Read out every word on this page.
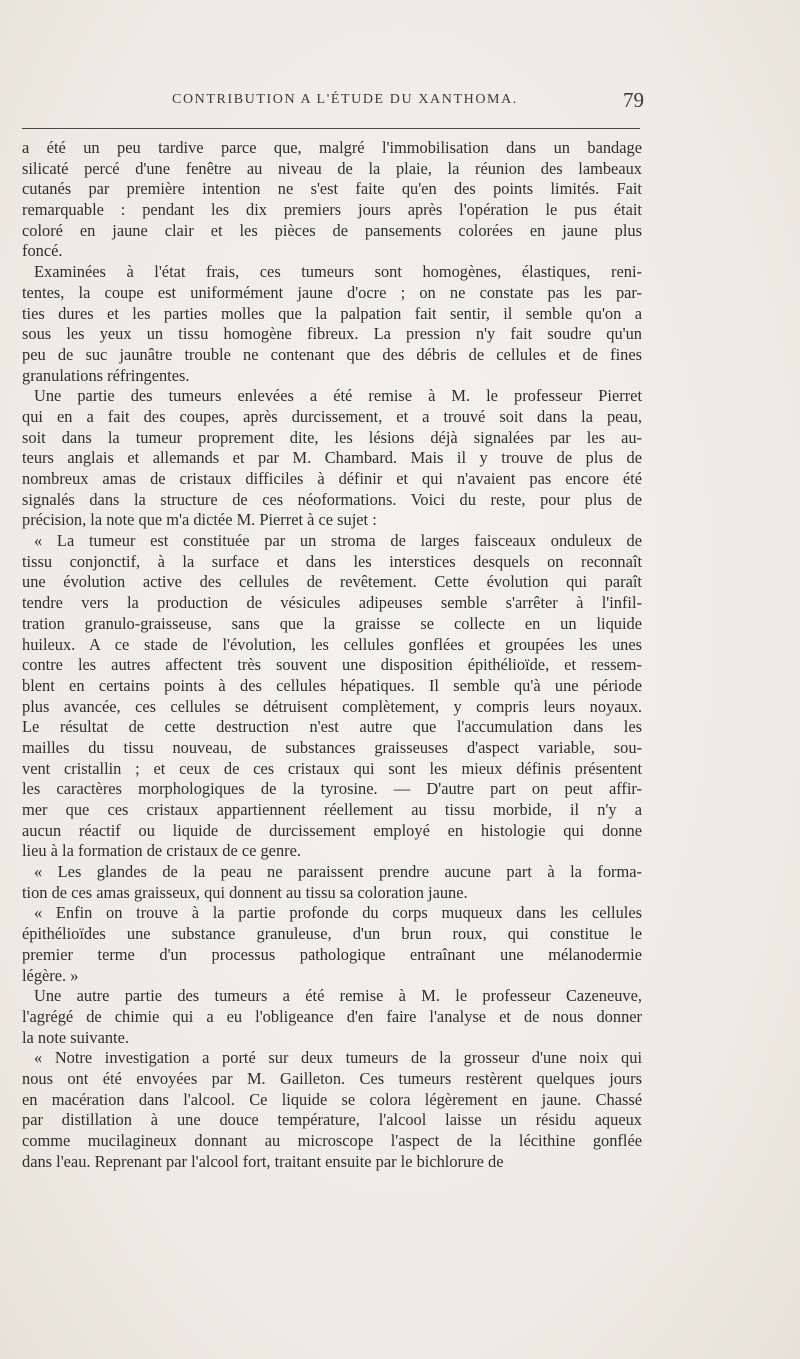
CONTRIBUTION A L'ÉTUDE DU XANTHOMA.	79
a été un peu tardive parce que, malgré l'immobilisation dans un bandage
silicaté percé d'une fenêtre au niveau de la plaie, la réunion des lambeaux
cutanés par première intention ne s'est faite qu'en des points limités. Fait
remarquable : pendant les dix premiers jours après l'opération le pus était
coloré en jaune clair et les pièces de pansements colorées en jaune plus
foncé.
Examinées à l'état frais, ces tumeurs sont homogènes, élastiques, reni-
tentes, la coupe est uniformément jaune d'ocre ; on ne constate pas les par-
ties dures et les parties molles que la palpation fait sentir, il semble qu'on a
sous les yeux un tissu homogène fibreux. La pression n'y fait soudre qu'un
peu de suc jaunâtre trouble ne contenant que des débris de cellules et de fines
granulations réfringentes.
Une partie des tumeurs enlevées a été remise à M. le professeur Pierret
qui en a fait des coupes, après durcissement, et a trouvé soit dans la peau,
soit dans la tumeur proprement dite, les lésions déjà signalées par les au-
teurs anglais et allemands et par M. Chambard. Mais il y trouve de plus de
nombreux amas de cristaux difficiles à définir et qui n'avaient pas encore été
signalés dans la structure de ces néoformations. Voici du reste, pour plus de
précision, la note que m'a dictée M. Pierret à ce sujet :
« La tumeur est constituée par un stroma de larges faisceaux onduleux de
tissu conjonctif, à la surface et dans les interstices desquels on reconnaît
une évolution active des cellules de revêtement. Cette évolution qui paraît
tendre vers la production de vésicules adipeuses semble s'arrêter à l'infil-
tration granulo-graisseuse, sans que la graisse se collecte en un liquide
huileux. A ce stade de l'évolution, les cellules gonflées et groupées les unes
contre les autres affectent très souvent une disposition épithélioïde, et ressem-
blent en certains points à des cellules hépatiques. Il semble qu'à une période
plus avancée, ces cellules se détruisent complètement, y compris leurs noyaux.
Le résultat de cette destruction n'est autre que l'accumulation dans les
mailles du tissu nouveau, de substances graisseuses d'aspect variable, sou-
vent cristallin ; et ceux de ces cristaux qui sont les mieux définis présentent
les caractères morphologiques de la tyrosine. — D'autre part on peut affir-
mer que ces cristaux appartiennent réellement au tissu morbide, il n'y a
aucun réactif ou liquide de durcissement employé en histologie qui donne
lieu à la formation de cristaux de ce genre.
« Les glandes de la peau ne paraissent prendre aucune part à la forma-
tion de ces amas graisseux, qui donnent au tissu sa coloration jaune.
« Enfin on trouve à la partie profonde du corps muqueux dans les cellules
épithélioïdes une substance granuleuse, d'un brun roux, qui constitue le
premier terme d'un processus pathologique entraînant une mélanodermie
légère. »
Une autre partie des tumeurs a été remise à M. le professeur Cazeneuve,
l'agrégé de chimie qui a eu l'obligeance d'en faire l'analyse et de nous donner
la note suivante.
« Notre investigation a porté sur deux tumeurs de la grosseur d'une noix qui
nous ont été envoyées par M. Gailleton. Ces tumeurs restèrent quelques jours
en macération dans l'alcool. Ce liquide se colora légèrement en jaune. Chassé
par distillation à une douce température, l'alcool laisse un résidu aqueux
comme mucilagineux donnant au microscope l'aspect de la lécithine gonflée
dans l'eau. Reprenant par l'alcool fort, traitant ensuite par le bichlorure de
